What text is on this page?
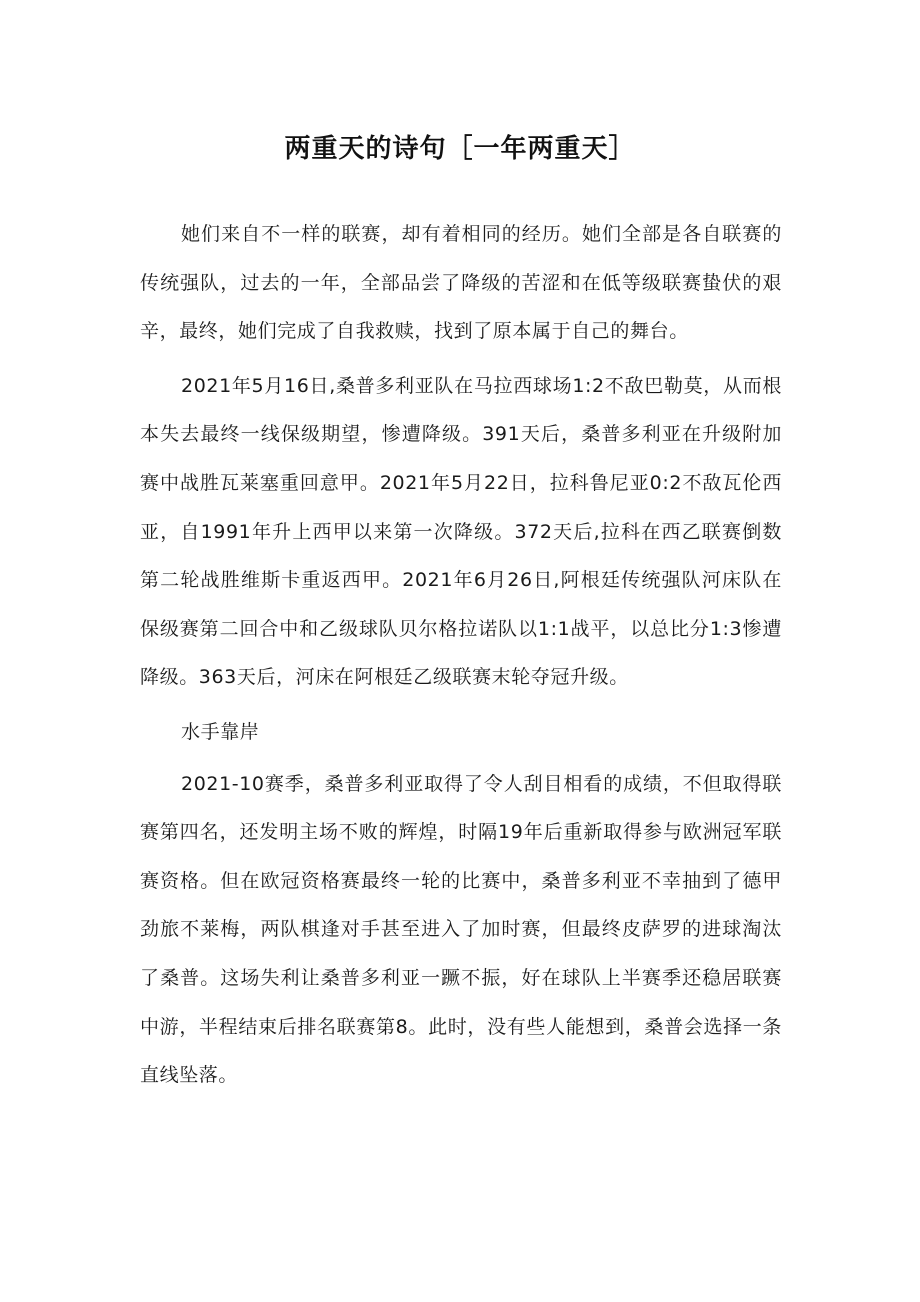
两重天的诗句［一年两重天］

她们来自不一样的联赛，却有着相同的经历。她们全部是各自联赛的传统强队，过去的一年，全部品尝了降级的苦涩和在低等级联赛蛰伏的艰辛，最终，她们完成了自我救赎，找到了原本属于自己的舞台。

2021年5月16日,桑普多利亚队在马拉西球场1:2不敌巴勒莫，从而根本失去最终一线保级期望，惨遭降级。391天后，桑普多利亚在升级附加赛中战胜瓦莱塞重回意甲。2021年5月22日，拉科鲁尼亚0:2不敌瓦伦西亚，自1991年升上西甲以来第一次降级。372天后,拉科在西乙联赛倒数第二轮战胜维斯卡重返西甲。2021年6月26日,阿根廷传统强队河床队在保级赛第二回合中和乙级球队贝尔格拉诺队以1:1战平，以总比分1:3惨遭降级。363天后，河床在阿根廷乙级联赛末轮夺冠升级。

水手靠岸

2021-10赛季，桑普多利亚取得了令人刮目相看的成绩，不但取得联赛第四名，还发明主场不败的辉煌，时隔19年后重新取得参与欧洲冠军联赛资格。但在欧冠资格赛最终一轮的比赛中，桑普多利亚不幸抽到了德甲劲旅不莱梅，两队棋逢对手甚至进入了加时赛，但最终皮萨罗的进球淘汰了桑普。这场失利让桑普多利亚一蹶不振，好在球队上半赛季还稳居联赛中游，半程结束后排名联赛第8。此时，没有些人能想到，桑普会选择一条直线坠落。
